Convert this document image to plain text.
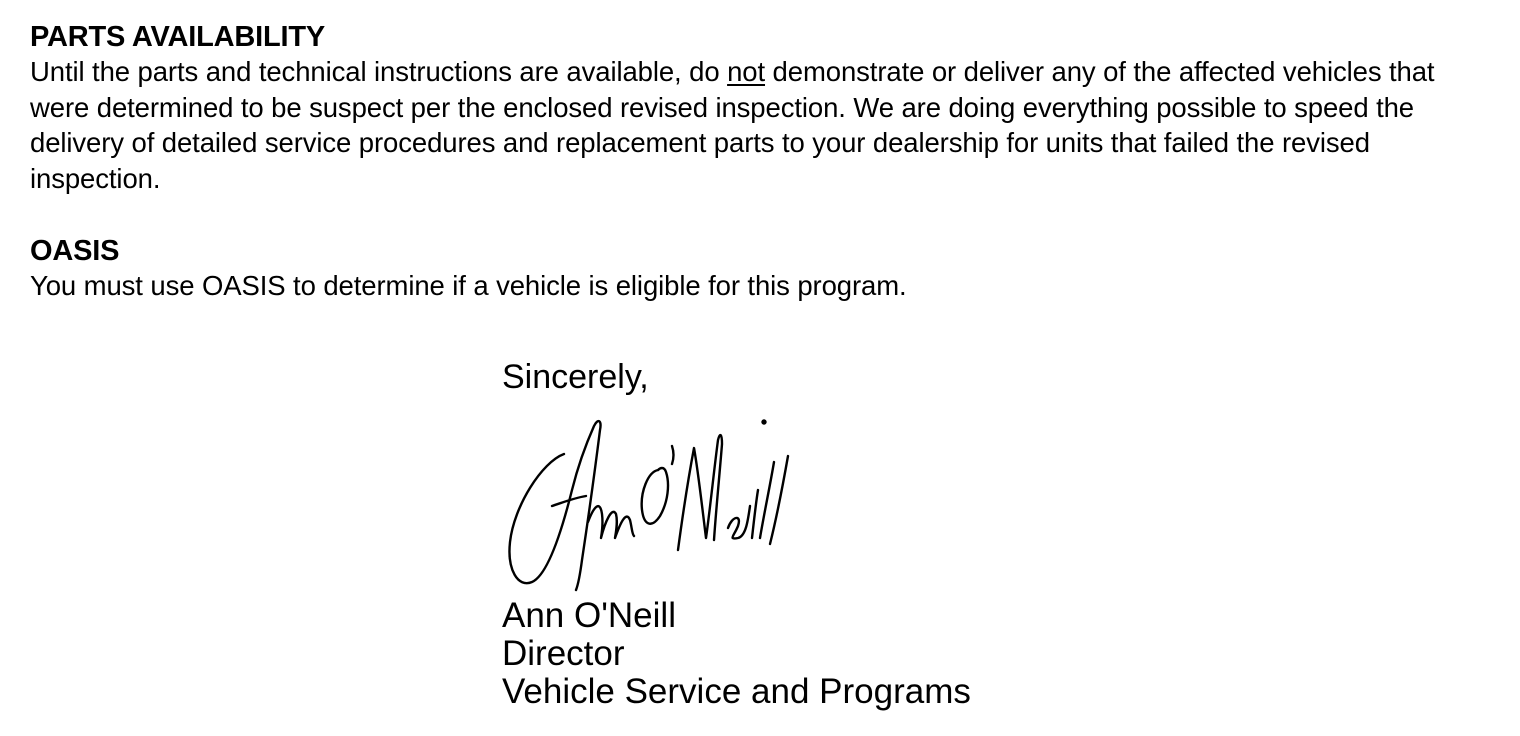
PARTS AVAILABILITY

Until the parts and technical instructions are available, do not demonstrate or deliver any of the affected vehicles that were determined to be suspect per the enclosed revised inspection. We are doing everything possible to speed the delivery of detailed service procedures and replacement parts to your dealership for units that failed the revised inspection.

OASIS

You must use OASIS to determine if a vehicle is eligible for this program.

Sincerely,

Ann O'Neill
Director
Vehicle Service and Programs
